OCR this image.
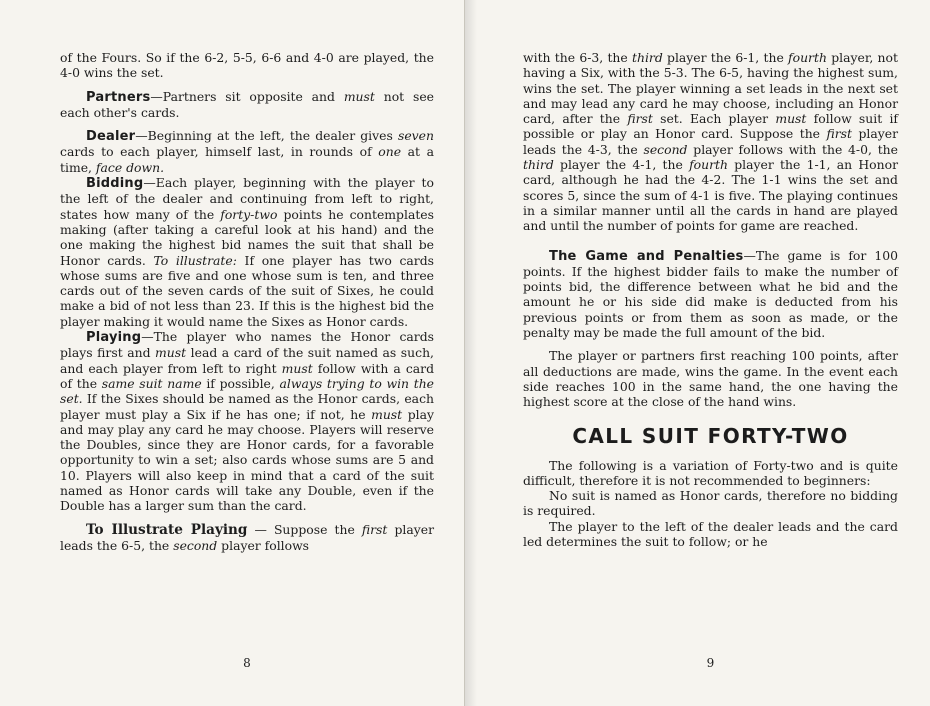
of the Fours. So if the 6-2, 5-5, 6-6 and 4-0 are played, the 4-0 wins the set.

Partners—Partners sit opposite and must not see each other's cards.

Dealer—Beginning at the left, the dealer gives seven cards to each player, himself last, in rounds of one at a time, face down.

Bidding—Each player, beginning with the player to the left of the dealer and continuing from left to right, states how many of the forty-two points he contemplates making (after taking a careful look at his hand) and the one making the highest bid names the suit that shall be Honor cards. To illustrate: If one player has two cards whose sums are five and one whose sum is ten, and three cards out of the seven cards of the suit of Sixes, he could make a bid of not less than 23. If this is the highest bid the player making it would name the Sixes as Honor cards.

Playing—The player who names the Honor cards plays first and must lead a card of the suit named as such, and each player from left to right must follow with a card of the same suit name if possible, always trying to win the set. If the Sixes should be named as the Honor cards, each player must play a Six if he has one; if not, he must play and may play any card he may choose. Players will reserve the Doubles, since they are Honor cards, for a favorable opportunity to win a set; also cards whose sums are 5 and 10. Players will also keep in mind that a card of the suit named as Honor cards will take any Double, even if the Double has a larger sum than the card.

To Illustrate Playing — Suppose the first player leads the 6-5, the second player follows

8

with the 6-3, the third player the 6-1, the fourth player, not having a Six, with the 5-3. The 6-5, having the highest sum, wins the set. The player winning a set leads in the next set and may lead any card he may choose, including an Honor card, after the first set. Each player must follow suit if possible or play an Honor card. Suppose the first player leads the 4-3, the second player follows with the 4-0, the third player the 4-1, the fourth player the 1-1, an Honor card, although he had the 4-2. The 1-1 wins the set and scores 5, since the sum of 4-1 is five. The playing continues in a similar manner until all the cards in hand are played and until the number of points for game are reached.

The Game and Penalties—The game is for 100 points. If the highest bidder fails to make the number of points bid, the difference between what he bid and the amount he or his side did make is deducted from his previous points or from them as soon as made, or the penalty may be made the full amount of the bid.

The player or partners first reaching 100 points, after all deductions are made, wins the game. In the event each side reaches 100 in the same hand, the one having the highest score at the close of the hand wins.

CALL SUIT FORTY-TWO

The following is a variation of Forty-two and is quite difficult, therefore it is not recommended to beginners:

No suit is named as Honor cards, therefore no bidding is required.

The player to the left of the dealer leads and the card led determines the suit to follow; or he

9
